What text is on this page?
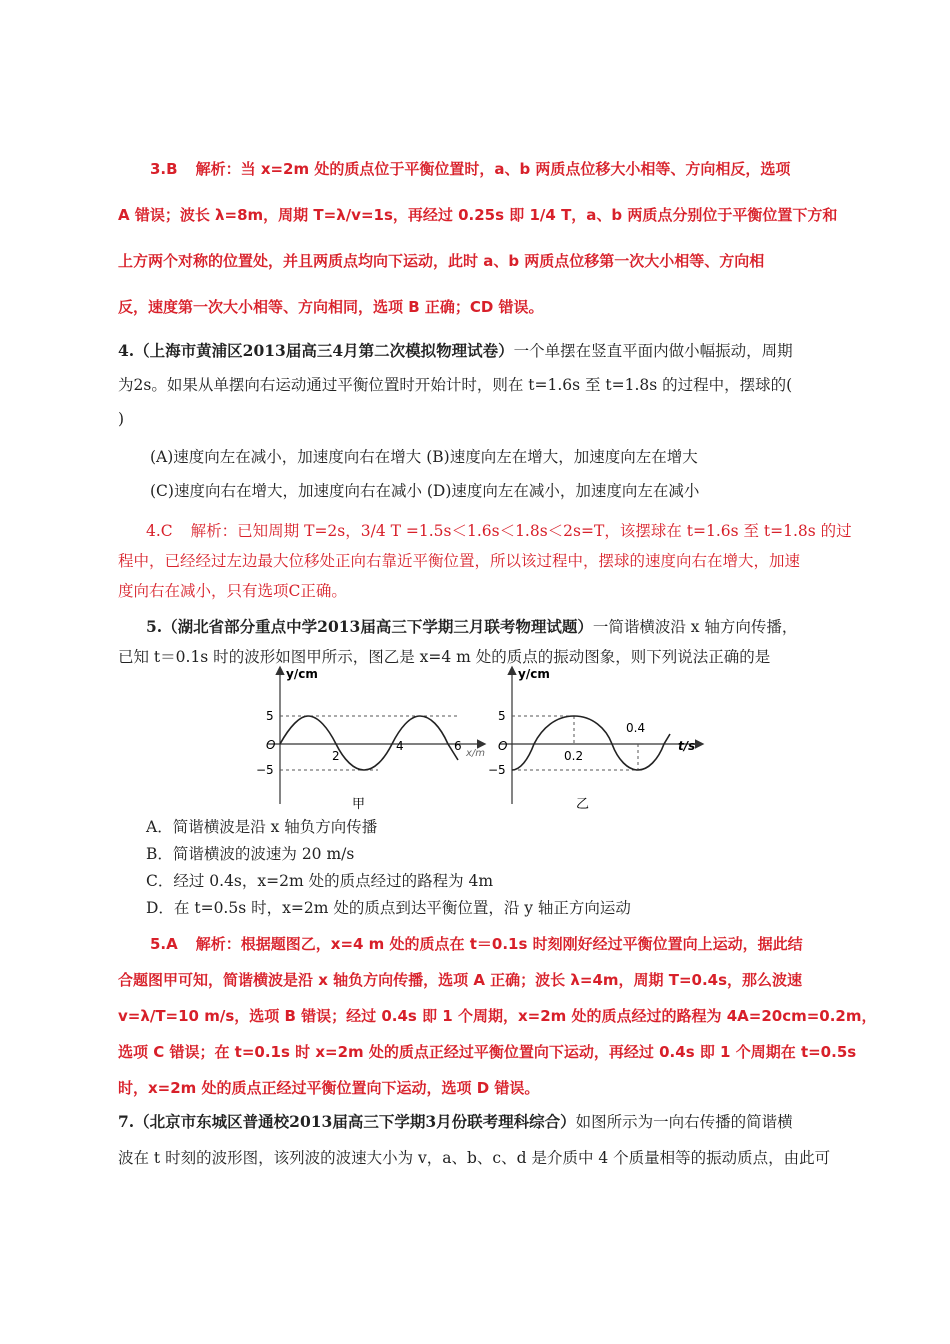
3.B 解析：当 x=2m 处的质点位于平衡位置时，a、b 两质点位移大小相等、方向相反，选项
A 错误；波长 λ=8m，周期 T=λ/v=1s，再经过 0.25s 即 1/4 T，a、b 两质点分别位于平衡位置下方和
上方两个对称的位置处，并且两质点均向下运动，此时 a、b 两质点位移第一次大小相等、方向相
反，速度第一次大小相等、方向相同，选项 B 正确；CD 错误。
4.（上海市黄浦区2013届高三4月第二次模拟物理试卷）一个单摆在竖直平面内做小幅振动，周期
为2s。如果从单摆向右运动通过平衡位置时开始计时，则在 t=1.6s 至 t=1.8s 的过程中，摆球的(
)
(A)速度向左在减小，加速度向右在增大 (B)速度向左在增大，加速度向左在增大
(C)速度向右在增大，加速度向右在减小 (D)速度向左在减小，加速度向左在减小
4.C 解析：已知周期 T=2s，3/4 T =1.5s＜1.6s＜1.8s＜2s=T，该摆球在 t=1.6s 至 t=1.8s 的过
程中，已经经过左边最大位移处正向右靠近平衡位置，所以该过程中，摆球的速度向右在增大，加速
度向右在减小，只有选项C正确。
5.（湖北省部分重点中学2013届高三下学期三月联考物理试题）一简谐横波沿 x 轴方向传播，
已知 t＝0.1s 时的波形如图甲所示，图乙是 x=4 m 处的质点的振动图象，则下列说法正确的是
y/cm
5
−5
O
2
4	6
x/m
甲
y/cm
5
−5
O
0.2
0.4
t/s
乙
A．简谐横波是沿 x 轴负方向传播
B．简谐横波的波速为 20 m/s
C．经过 0.4s，x=2m 处的质点经过的路程为 4m
D．在 t=0.5s 时，x=2m 处的质点到达平衡位置，沿 y 轴正方向运动
5.A 解析：根据题图乙，x=4 m 处的质点在 t＝0.1s 时刻刚好经过平衡位置向上运动，据此结
合题图甲可知，简谐横波是沿 x 轴负方向传播，选项 A 正确；波长 λ=4m，周期 T=0.4s，那么波速
v=λ/T=10 m/s，选项 B 错误；经过 0.4s 即 1 个周期，x=2m 处的质点经过的路程为 4A=20cm=0.2m，
选项 C 错误；在 t=0.1s 时 x=2m 处的质点正经过平衡位置向下运动，再经过 0.4s 即 1 个周期在 t=0.5s
时，x=2m 处的质点正经过平衡位置向下运动，选项 D 错误。
7.（北京市东城区普通校2013届高三下学期3月份联考理科综合）如图所示为一向右传播的简谐横
波在 t 时刻的波形图，该列波的波速大小为 v，a、b、c、d 是介质中 4 个质量相等的振动质点，由此可
